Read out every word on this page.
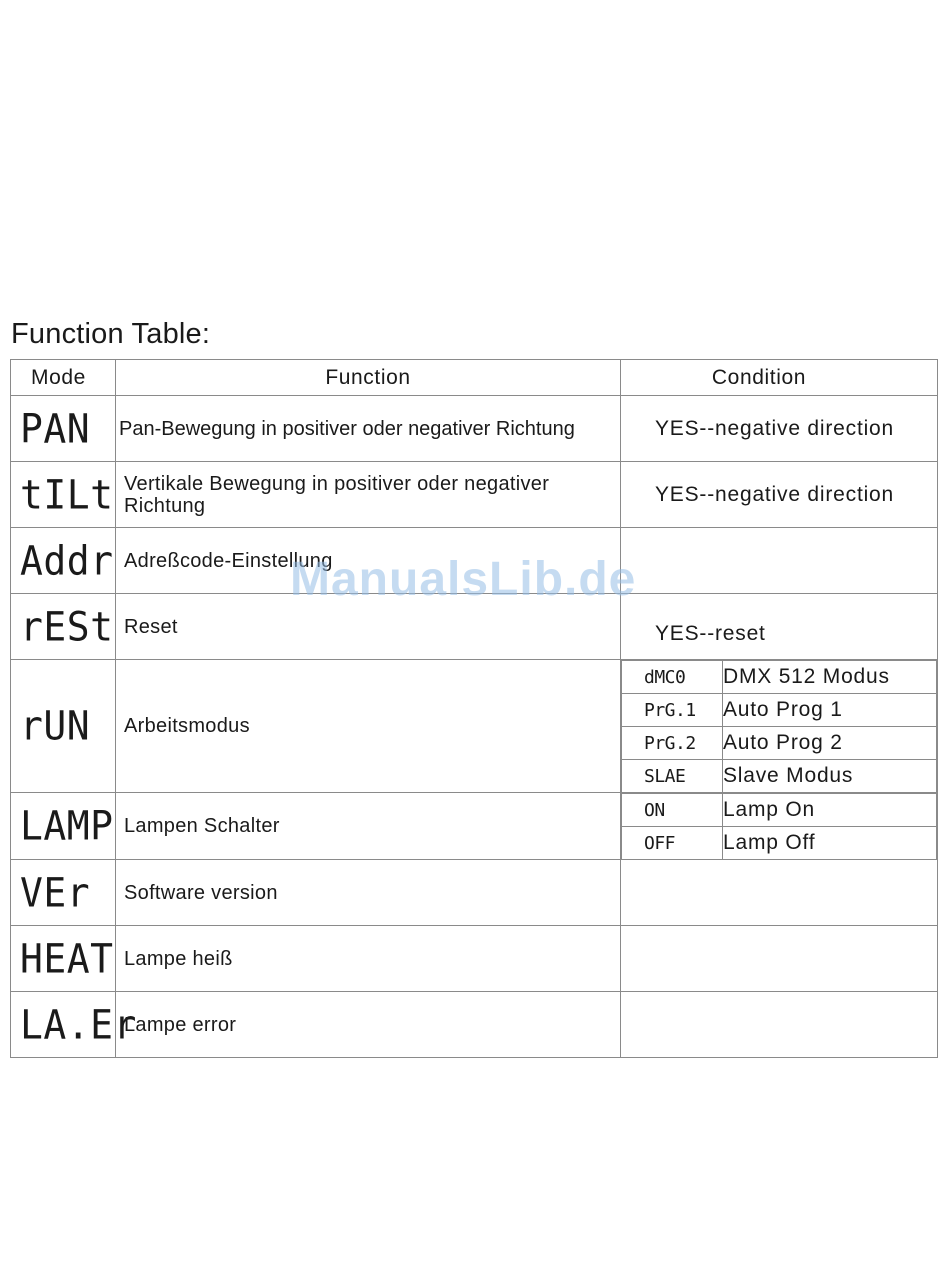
Function Table:
Mode	Function	Condition
PAN	Pan-Bewegung in positiver oder negativer Richtung	YES--negative direction
tILt	Vertikale Bewegung in positiver oder negativer Richtung	YES--negative direction
Addr	Adreßcode-Einstellung	
rESt	Reset	YES--reset
rUN	Arbeitsmodus	
dMC0	DMX 512 Modus
PrG.1	Auto Prog 1
PrG.2	Auto Prog 2
SLAE	Slave Modus

LAMP	Lampen Schalter	
ON	Lamp On
OFF	Lamp Off

VEr	Software version	
HEAT	Lampe heiß	
LA.Er	Lampe error	
ManualsLib.de
